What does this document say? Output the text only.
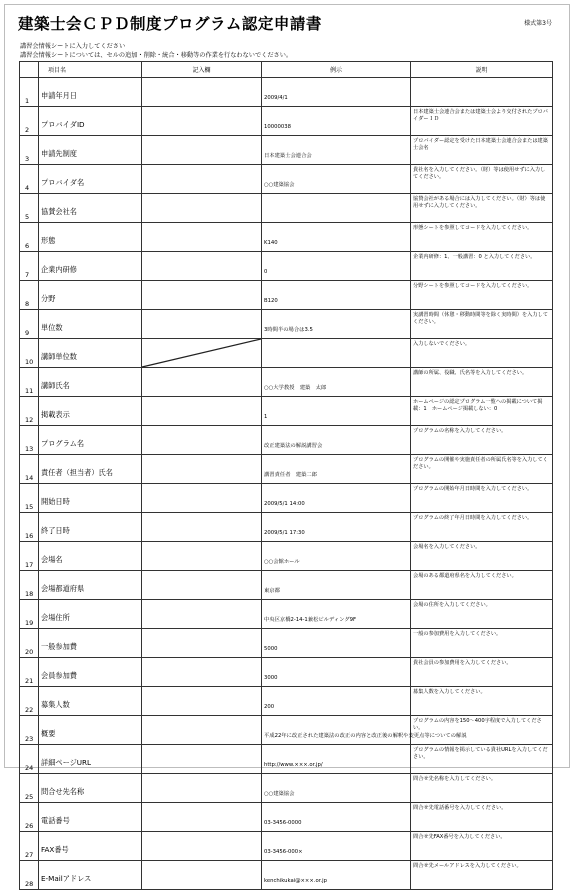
建築士会ＣＰＤ制度プログラム認定申請書	様式第3号
講習会情報シートに入力してください
講習会情報シートについては、セルの追加・削除・統合・移動等の作業を行なわないでください。
	項目名	記入欄	例示	説明
1	申請年月日		2009/4/1	
2	プロバイダID		10000038	日本建築士会連合会または建築士会より交付されたプロバイダーＩＤ
3	申請先制度		日本建築士会連合会	プロバイダー認定を受けた日本建築士会連合会または建築士会名
4	プロバイダ名		○○建築協会	貴社名を入力してください。（財）等は使用せずに入力してください。
5	協賛会社名			協賛会社がある場合には入力してください。（財）等は使用せずに入力してください。
6	形態		K140	形態シートを参照してコードを入力してください。
7	企業内研修		0	企業内研修：1、一般講習：0 と入力してください。
8	分野		B120	分野シートを参照してコードを入力してください。
9	単位数		3時間半の場合は3.5	実講習時間（休憩・移動時間等を除く実時間）を入力してください。
10	講師単位数			入力しないでください。
11	講師氏名		○○大学教授　建築　太郎	講師の所属、役職、氏名等を入力してください。
12	掲載表示		1	ホームページの認定プログラム一覧への掲載について掲載：1　ホームページ掲載しない：0
13	プログラム名		改正建築法の解説講習会	プログラムの名称を入力してください。
14	責任者（担当者）氏名		講習責任者　建築二郎	プログラムの開催や実施責任者の所属氏名等を入力してください。
15	開始日時		2009/5/1 14:00	プログラムの開始年月日時間を入力してください。
16	終了日時		2009/5/1 17:30	プログラムの終了年月日時間を入力してください。
17	会場名		○○会館ホール	会場名を入力してください。
18	会場都道府県		東京都	会場のある都道府県名を入力してください。
19	会場住所		中央区京橋2-14-1兼松ビルディング9F	会場の住所を入力してください。
20	一般参加費		5000	一般の参加費用を入力してください。
21	会員参加費		3000	貴社会員の参加費用を入力してください。
22	募集人数		200	募集人数を入力してください。
23	概要		平成22年に改正された建築法の改正の内容と改正後の解釈や変更点等についての解説	プログラムの内容を150～400字程度で入力してください。
24	詳細ページURL		http://www.×××.or.jp/	プログラムの情報を掲示している貴社URLを入力してください。
25	問合せ先名称		○○建築協会	問合せ先名称を入力してください。
26	電話番号		03-3456-0000	問合せ先電話番号を入力してください。
27	FAX番号		03-3456-000×	問合せ先FAX番号を入力してください。
28	E-Mailアドレス		kenchikukai@×××.or.jp	問合せ先メールアドレスを入力してください。
